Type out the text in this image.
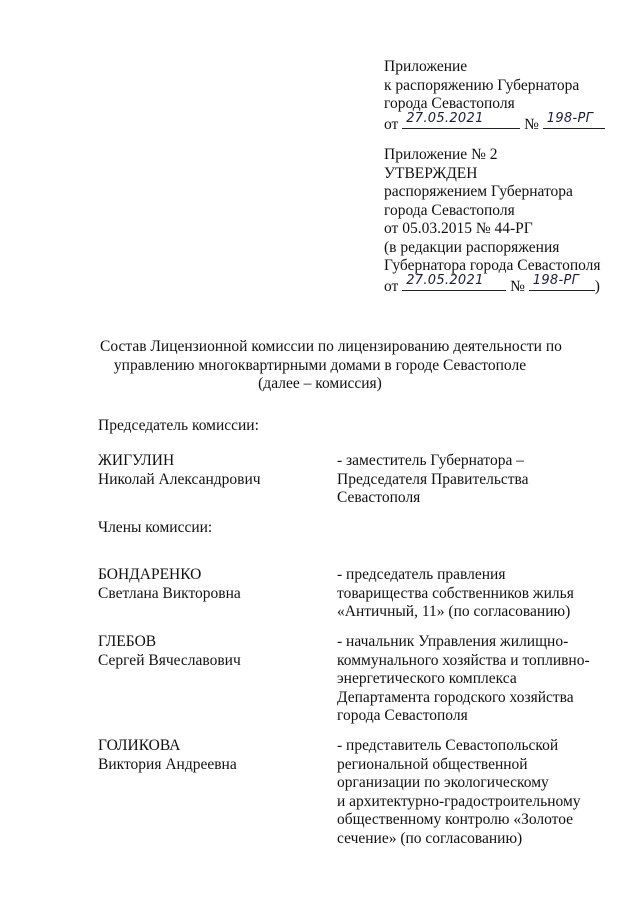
Приложение
к распоряжению Губернатора
города Севастополя
от 27.05.2021	№ 198-РГ
Приложение № 2
УТВЕРЖДЕН
распоряжением Губернатора
города Севастополя
от 05.03.2015 № 44-РГ
(в редакции распоряжения
Губернатора города Севастополя
от 27.05.2021 № 198-РГ )
Состав Лицензионной комиссии по лицензированию деятельности по
управлению многоквартирными домами в городе Севастополе
(далее – комиссия)
Председатель комиссии:
ЖИГУЛИН
Николай Александрович
- заместитель Губернатора –
Председателя Правительства
Севастополя
Члены комиссии:
БОНДАРЕНКО
Светлана Викторовна
- председатель правления
товарищества собственников жилья
«Античный, 11» (по согласованию)
ГЛЕБОВ
Сергей Вячеславович
- начальник Управления жилищно-
коммунального хозяйства и топливно-
энергетического комплекса
Департамента городского хозяйства
города Севастополя
ГОЛИКОВА
Виктория Андреевна
- представитель Севастопольской
региональной общественной
организации по экологическому
и архитектурно-градостроительному
общественному контролю «Золотое
сечение» (по согласованию)
